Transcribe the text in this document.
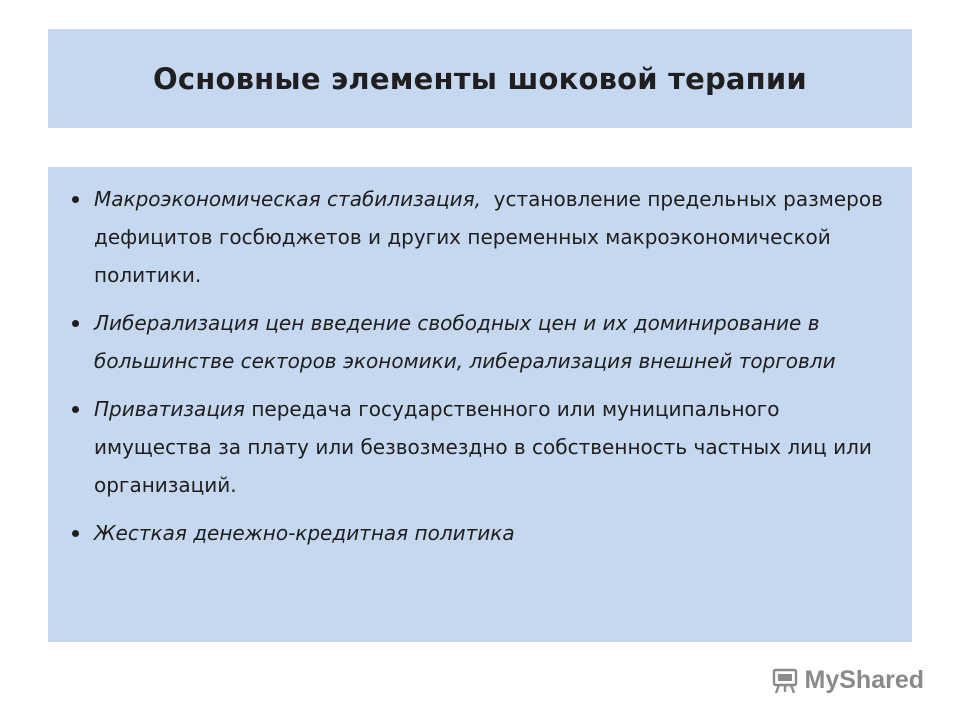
Основные элементы шоковой терапии
Макроэкономическая стабилизация,  установление предельных размеров дефицитов госбюджетов и других переменных макроэкономической политики.
Либерализация цен введение свободных цен и их доминирование в большинстве секторов экономики, либерализация внешней торговли
Приватизация передача государственного или муниципального имущества за плату или безвозмездно в собственность частных лиц или организаций.
Жесткая денежно-кредитная политика
MyShared
